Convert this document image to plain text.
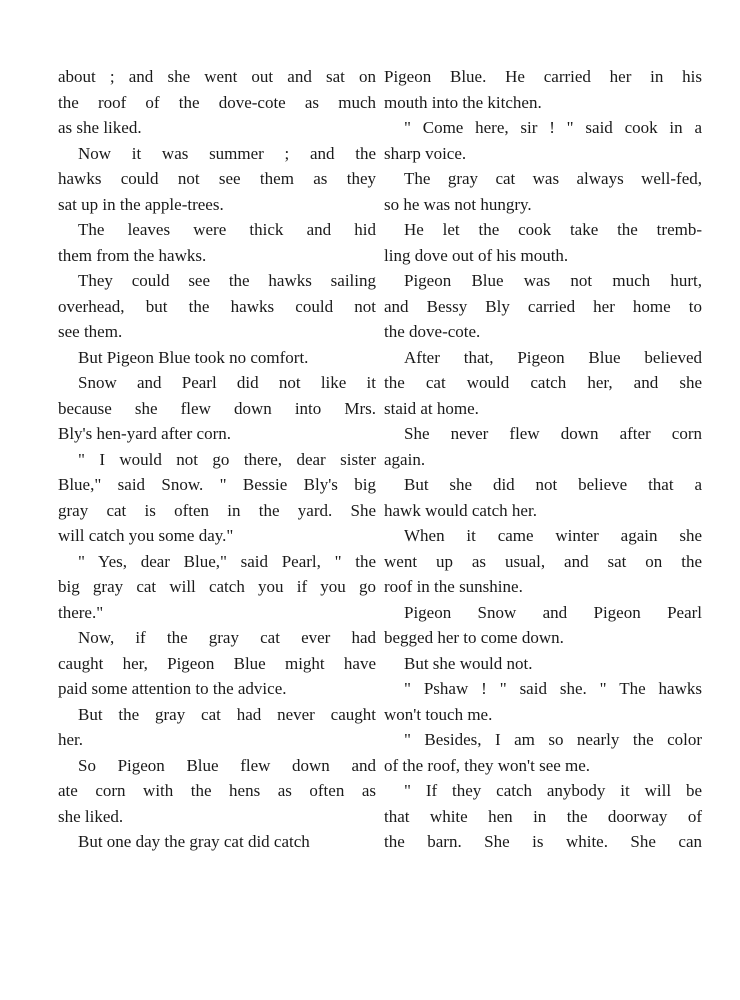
about ; and she went out and sat on
the roof of the dove-cote as much
as she liked.
Now it was summer ; and the
hawks could not see them as they
sat up in the apple-trees.
The leaves were thick and hid
them from the hawks.
They could see the hawks sailing
overhead, but the hawks could not
see them.
But Pigeon Blue took no comfort.
Snow and Pearl did not like it
because she flew down into Mrs.
Bly's hen-yard after corn.
" I would not go there, dear sister
Blue," said Snow. " Bessie Bly's big
gray cat is often in the yard. She
will catch you some day."
" Yes, dear Blue," said Pearl, " the
big gray cat will catch you if you go
there."
Now, if the gray cat ever had
caught her, Pigeon Blue might have
paid some attention to the advice.
But the gray cat had never caught
her.
So Pigeon Blue flew down and
ate corn with the hens as often as
she liked.
But one day the gray cat did catch
Pigeon Blue. He carried her in his
mouth into the kitchen.
" Come here, sir ! " said cook in a
sharp voice.
The gray cat was always well-fed,
so he was not hungry.
He let the cook take the tremb-
ling dove out of his mouth.
Pigeon Blue was not much hurt,
and Bessy Bly carried her home to
the dove-cote.
After that, Pigeon Blue believed
the cat would catch her, and she
staid at home.
She never flew down after corn
again.
But she did not believe that a
hawk would catch her.
When it came winter again she
went up as usual, and sat on the
roof in the sunshine.
Pigeon Snow and Pigeon Pearl
begged her to come down.
But she would not.
" Pshaw ! " said she. " The hawks
won't touch me.
" Besides, I am so nearly the color
of the roof, they won't see me.
" If they catch anybody it will be
that white hen in the doorway of
the barn. She is white. She can
